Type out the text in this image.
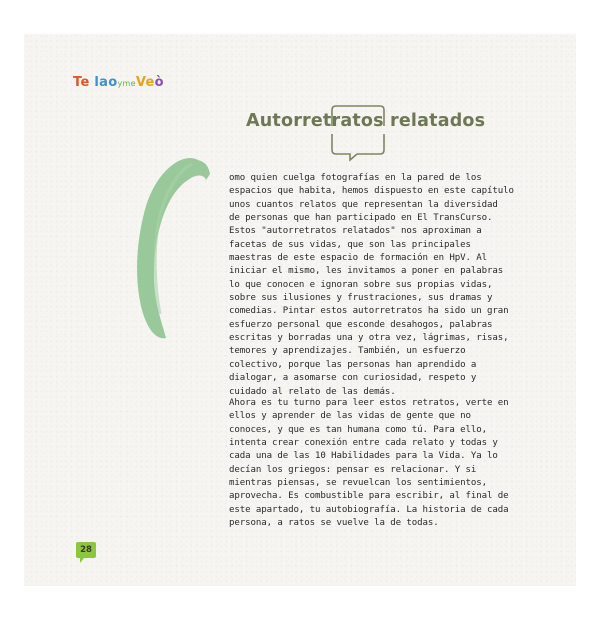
Te laoymeVeò
Autorretratos relatados
omo quien cuelga fotografías en la pared de los
espacios que habita, hemos dispuesto en este capítulo
unos cuantos relatos que representan la diversidad
de personas que han participado en El TransCurso.
Estos "autorretratos relatados" nos aproximan a
facetas de sus vidas, que son las principales
maestras de este espacio de formación en HpV. Al
iniciar el mismo, les invitamos a poner en palabras
lo que conocen e ignoran sobre sus propias vidas,
sobre sus ilusiones y frustraciones, sus dramas y
comedias. Pintar estos autorretratos ha sido un gran
esfuerzo personal que esconde desahogos, palabras
escritas y borradas una y otra vez, lágrimas, risas,
temores y aprendizajes. También, un esfuerzo
colectivo, porque las personas han aprendido a
dialogar, a asomarse con curiosidad, respeto y
cuidado al relato de las demás.
Ahora es tu turno para leer estos retratos, verte en
ellos y aprender de las vidas de gente que no
conoces, y que es tan humana como tú. Para ello,
intenta crear conexión entre cada relato y todas y
cada una de las 10 Habilidades para la Vida. Ya lo
decían los griegos: pensar es relacionar. Y si
mientras piensas, se revuelcan los sentimientos,
aprovecha. Es combustible para escribir, al final de
este apartado, tu autobiografía. La historia de cada
persona, a ratos se vuelve la de todas.
28
